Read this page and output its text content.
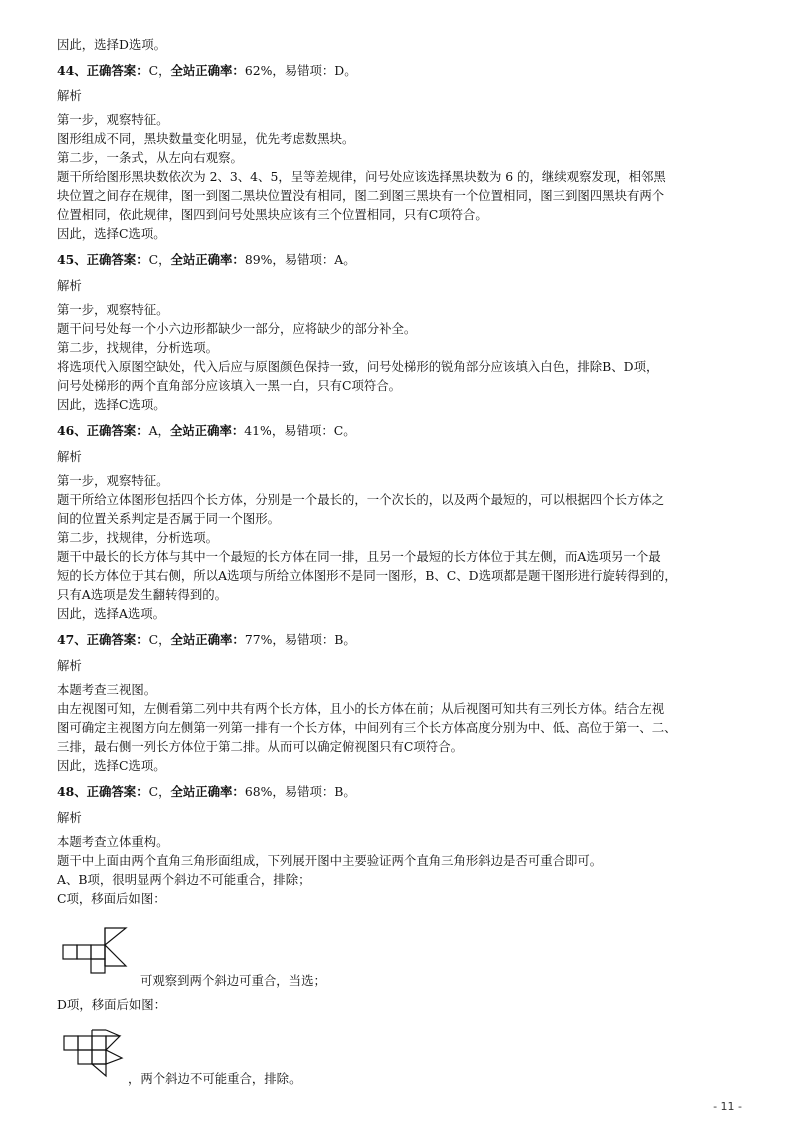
因此，选择D选项。
44、正确答案：C，全站正确率：62%，易错项：D。
解析
第一步，观察特征。
图形组成不同，黑块数量变化明显，优先考虑数黑块。
第二步，一条式，从左向右观察。
题干所给图形黑块数依次为 2、3、4、5，呈等差规律，问号处应该选择黑块数为 6 的，继续观察发现，相邻黑
块位置之间存在规律，图一到图二黑块位置没有相同，图二到图三黑块有一个位置相同，图三到图四黑块有两个
位置相同，依此规律，图四到问号处黑块应该有三个位置相同，只有C项符合。
因此，选择C选项。
45、正确答案：C，全站正确率：89%，易错项：A。
解析
第一步，观察特征。
题干问号处每一个小六边形都缺少一部分，应将缺少的部分补全。
第二步，找规律，分析选项。
将选项代入原图空缺处，代入后应与原图颜色保持一致，问号处梯形的锐角部分应该填入白色，排除B、D项，
问号处梯形的两个直角部分应该填入一黑一白，只有C项符合。
因此，选择C选项。
46、正确答案：A，全站正确率：41%，易错项：C。
解析
第一步，观察特征。
题干所给立体图形包括四个长方体，分别是一个最长的，一个次长的，以及两个最短的，可以根据四个长方体之
间的位置关系判定是否属于同一个图形。
第二步，找规律，分析选项。
题干中最长的长方体与其中一个最短的长方体在同一排，且另一个最短的长方体位于其左侧，而A选项另一个最
短的长方体位于其右侧，所以A选项与所给立体图形不是同一图形，B、C、D选项都是题干图形进行旋转得到的，
只有A选项是发生翻转得到的。
因此，选择A选项。
47、正确答案：C，全站正确率：77%，易错项：B。
解析
本题考查三视图。
由左视图可知，左侧看第二列中共有两个长方体，且小的长方体在前；从后视图可知共有三列长方体。结合左视
图可确定主视图方向左侧第一列第一排有一个长方体，中间列有三个长方体高度分别为中、低、高位于第一、二、
三排，最右侧一列长方体位于第二排。从而可以确定俯视图只有C项符合。
因此，选择C选项。
48、正确答案：C，全站正确率：68%，易错项：B。
解析
本题考查立体重构。
题干中上面由两个直角三角形面组成，下列展开图中主要验证两个直角三角形斜边是否可重合即可。
A、B项，很明显两个斜边不可能重合，排除；
C项，移面后如图：
可观察到两个斜边可重合，当选；
D项，移面后如图：
，两个斜边不可能重合，排除。
- 11 -
